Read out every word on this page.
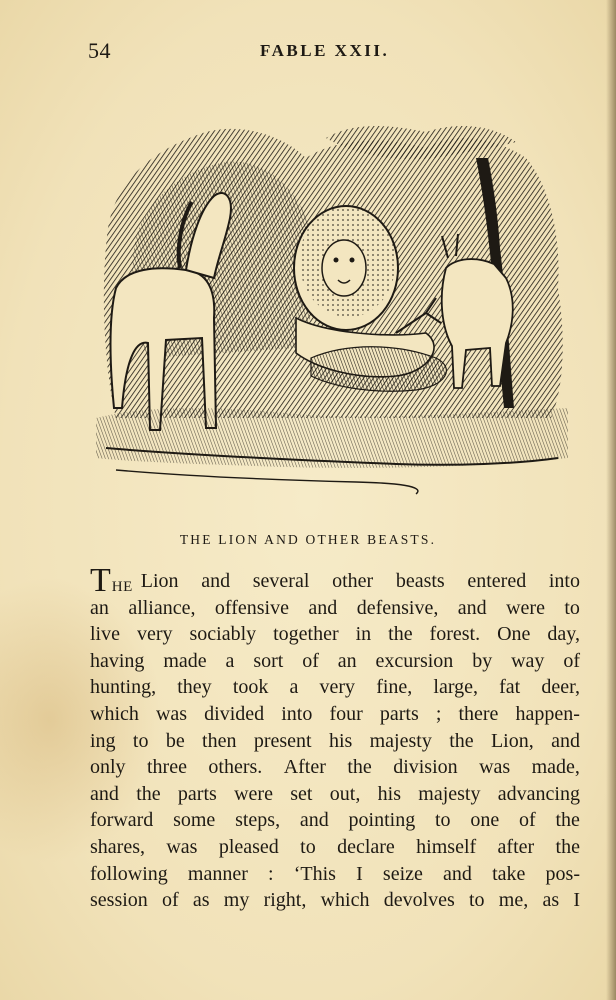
54	FABLE XXII.
THE LION AND OTHER BEASTS.
THE Lion and several other beasts entered into
an alliance, offensive and defensive, and were to
live very sociably together in the forest. One day,
having made a sort of an excursion by way of
hunting, they took a very fine, large, fat deer,
which was divided into four parts ; there happen-
ing to be then present his majesty the Lion, and
only three others. After the division was made,
and the parts were set out, his majesty advancing
forward some steps, and pointing to one of the
shares, was pleased to declare himself after the
following manner : ‘This I seize and take pos-
session of as my right, which devolves to me, as I
